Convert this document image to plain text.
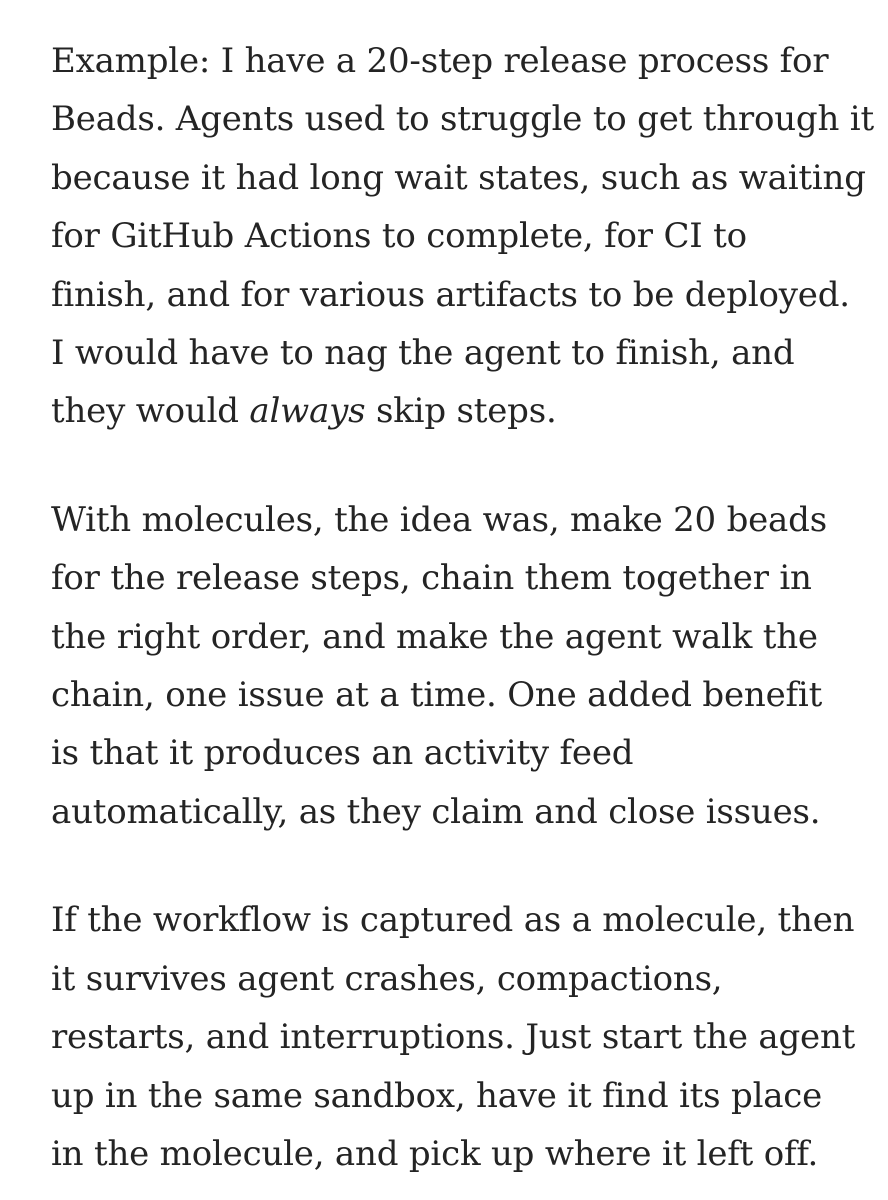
Example: I have a 20-step release process for
Beads. Agents used to struggle to get through it
because it had long wait states, such as waiting
for GitHub Actions to complete, for CI to
finish, and for various artifacts to be deployed.
I would have to nag the agent to finish, and
they would always skip steps.

With molecules, the idea was, make 20 beads
for the release steps, chain them together in
the right order, and make the agent walk the
chain, one issue at a time. One added benefit
is that it produces an activity feed
automatically, as they claim and close issues.

If the workflow is captured as a molecule, then
it survives agent crashes, compactions,
restarts, and interruptions. Just start the agent
up in the same sandbox, have it find its place
in the molecule, and pick up where it left off.
